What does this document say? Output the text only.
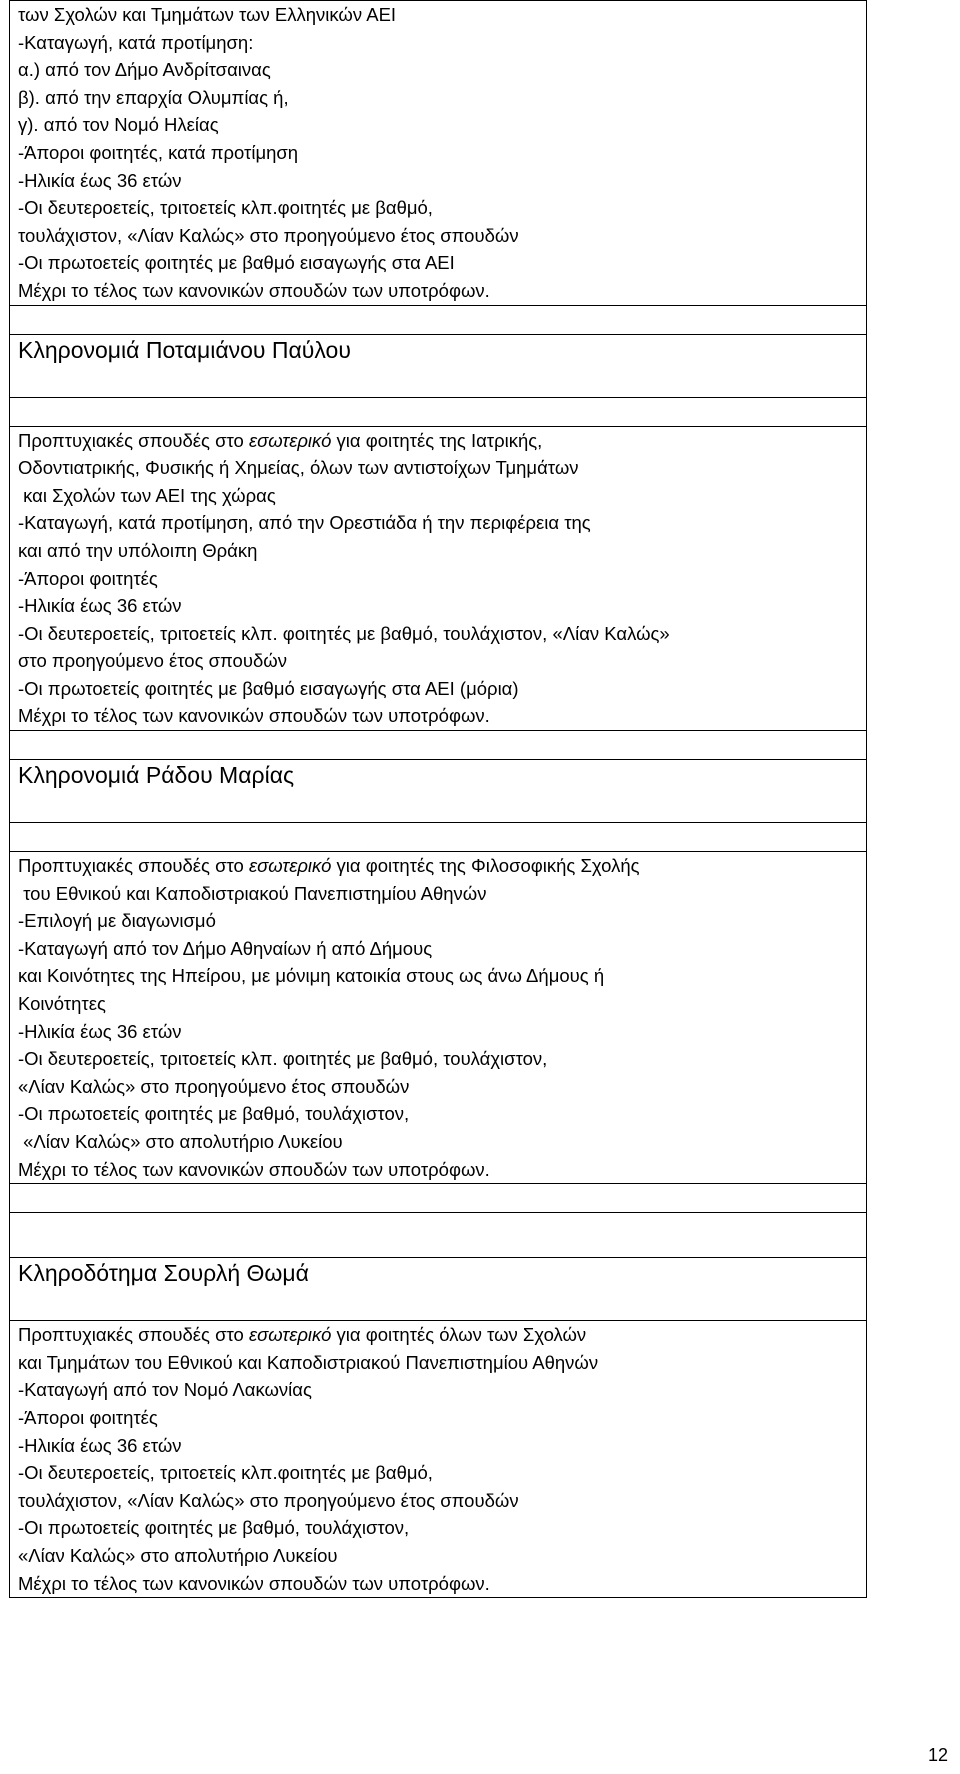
των Σχολών και Τμημάτων των Ελληνικών ΑΕΙ
-Καταγωγή, κατά προτίμηση:
α.) από τον Δήμο Ανδρίτσαινας
β). από την επαρχία Ολυμπίας ή,
γ). από τον Νομό Ηλείας
-Άποροι φοιτητές, κατά προτίμηση
-Ηλικία έως 36 ετών
-Οι δευτεροετείς, τριτοετείς κλπ.φοιτητές με βαθμό,
τουλάχιστον, «Λίαν Καλώς» στο προηγούμενο έτος σπουδών
-Οι πρωτοετείς φοιτητές με βαθμό εισαγωγής στα ΑΕΙ
Μέχρι το τέλος των κανονικών σπουδών των υποτρόφων.

Κληρονομιά Ποταμιάνου Παύλου

Προπτυχιακές σπουδές στο εσωτερικό για φοιτητές της Ιατρικής,
Οδοντιατρικής, Φυσικής ή Χημείας, όλων των αντιστοίχων Τμημάτων
και Σχολών των ΑΕΙ της χώρας
-Καταγωγή, κατά προτίμηση, από την Ορεστιάδα ή την περιφέρεια της
και από την υπόλοιπη Θράκη
-Άποροι φοιτητές
-Ηλικία έως 36 ετών
-Οι δευτεροετείς, τριτοετείς κλπ. φοιτητές με βαθμό, τουλάχιστον, «Λίαν Καλώς»
στο προηγούμενο έτος σπουδών
-Οι πρωτοετείς φοιτητές με βαθμό εισαγωγής στα ΑΕΙ (μόρια)
Μέχρι το τέλος των κανονικών σπουδών των υποτρόφων.

Κληρονομιά Ράδου Μαρίας

Προπτυχιακές σπουδές στο εσωτερικό για φοιτητές της Φιλοσοφικής Σχολής
του Εθνικού και Καποδιστριακού Πανεπιστημίου Αθηνών
-Επιλογή με διαγωνισμό
-Καταγωγή από τον Δήμο Αθηναίων ή από Δήμους
και Κοινότητες της Ηπείρου, με μόνιμη κατοικία στους ως άνω Δήμους ή
Κοινότητες
-Ηλικία έως 36 ετών
-Οι δευτεροετείς, τριτοετείς κλπ. φοιτητές με βαθμό, τουλάχιστον,
«Λίαν Καλώς» στο προηγούμενο έτος σπουδών
-Οι πρωτοετείς φοιτητές με βαθμό, τουλάχιστον,
«Λίαν Καλώς» στο απολυτήριο Λυκείου
Μέχρι το τέλος των κανονικών σπουδών των υποτρόφων.

Κληροδότημα Σουρλή Θωμά

Προπτυχιακές σπουδές στο εσωτερικό για φοιτητές όλων των Σχολών
και Τμημάτων του Εθνικού και Καποδιστριακού Πανεπιστημίου Αθηνών
-Καταγωγή από τον Νομό Λακωνίας
-Άποροι φοιτητές
-Ηλικία έως 36 ετών
-Οι δευτεροετείς, τριτοετείς κλπ.φοιτητές με βαθμό,
τουλάχιστον, «Λίαν Καλώς» στο προηγούμενο έτος σπουδών
-Οι πρωτοετείς φοιτητές με βαθμό, τουλάχιστον,
«Λίαν Καλώς» στο απολυτήριο Λυκείου
Μέχρι το τέλος των κανονικών σπουδών των υποτρόφων.
12
